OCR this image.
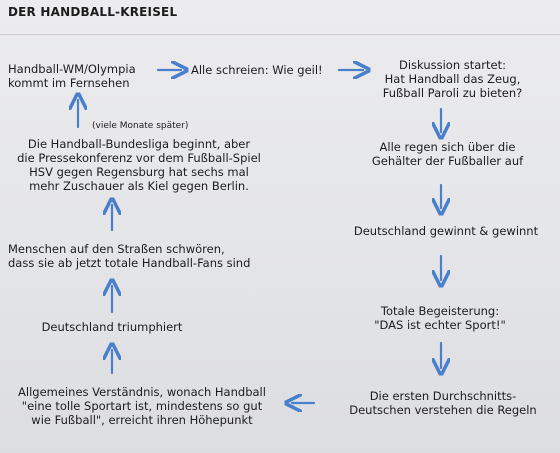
DER HANDBALL-KREISEL

Handball-WM/Olympia
kommt im Fernsehen

Alle schreien: Wie geil!	Diskussion startet:
Hat Handball das Zeug,
Fußball Paroli zu bieten?

Alle regen sich über die
Gehälter der Fußballer auf

Deutschland gewinnt & gewinnt

Totale Begeisterung:
"DAS ist echter Sport!"

Die ersten Durchschnitts-
Deutschen verstehen die Regeln

Allgemeines Verständnis, wonach Handball
"eine tolle Sportart ist, mindestens so gut
wie Fußball", erreicht ihren Höhepunkt

Deutschland triumphiert

Menschen auf den Straßen schwören,
dass sie ab jetzt totale Handball-Fans sind

Die Handball-Bundesliga beginnt, aber
die Pressekonferenz vor dem Fußball-Spiel
HSV gegen Regensburg hat sechs mal
mehr Zuschauer als Kiel gegen Berlin.

(viele Monate später)
